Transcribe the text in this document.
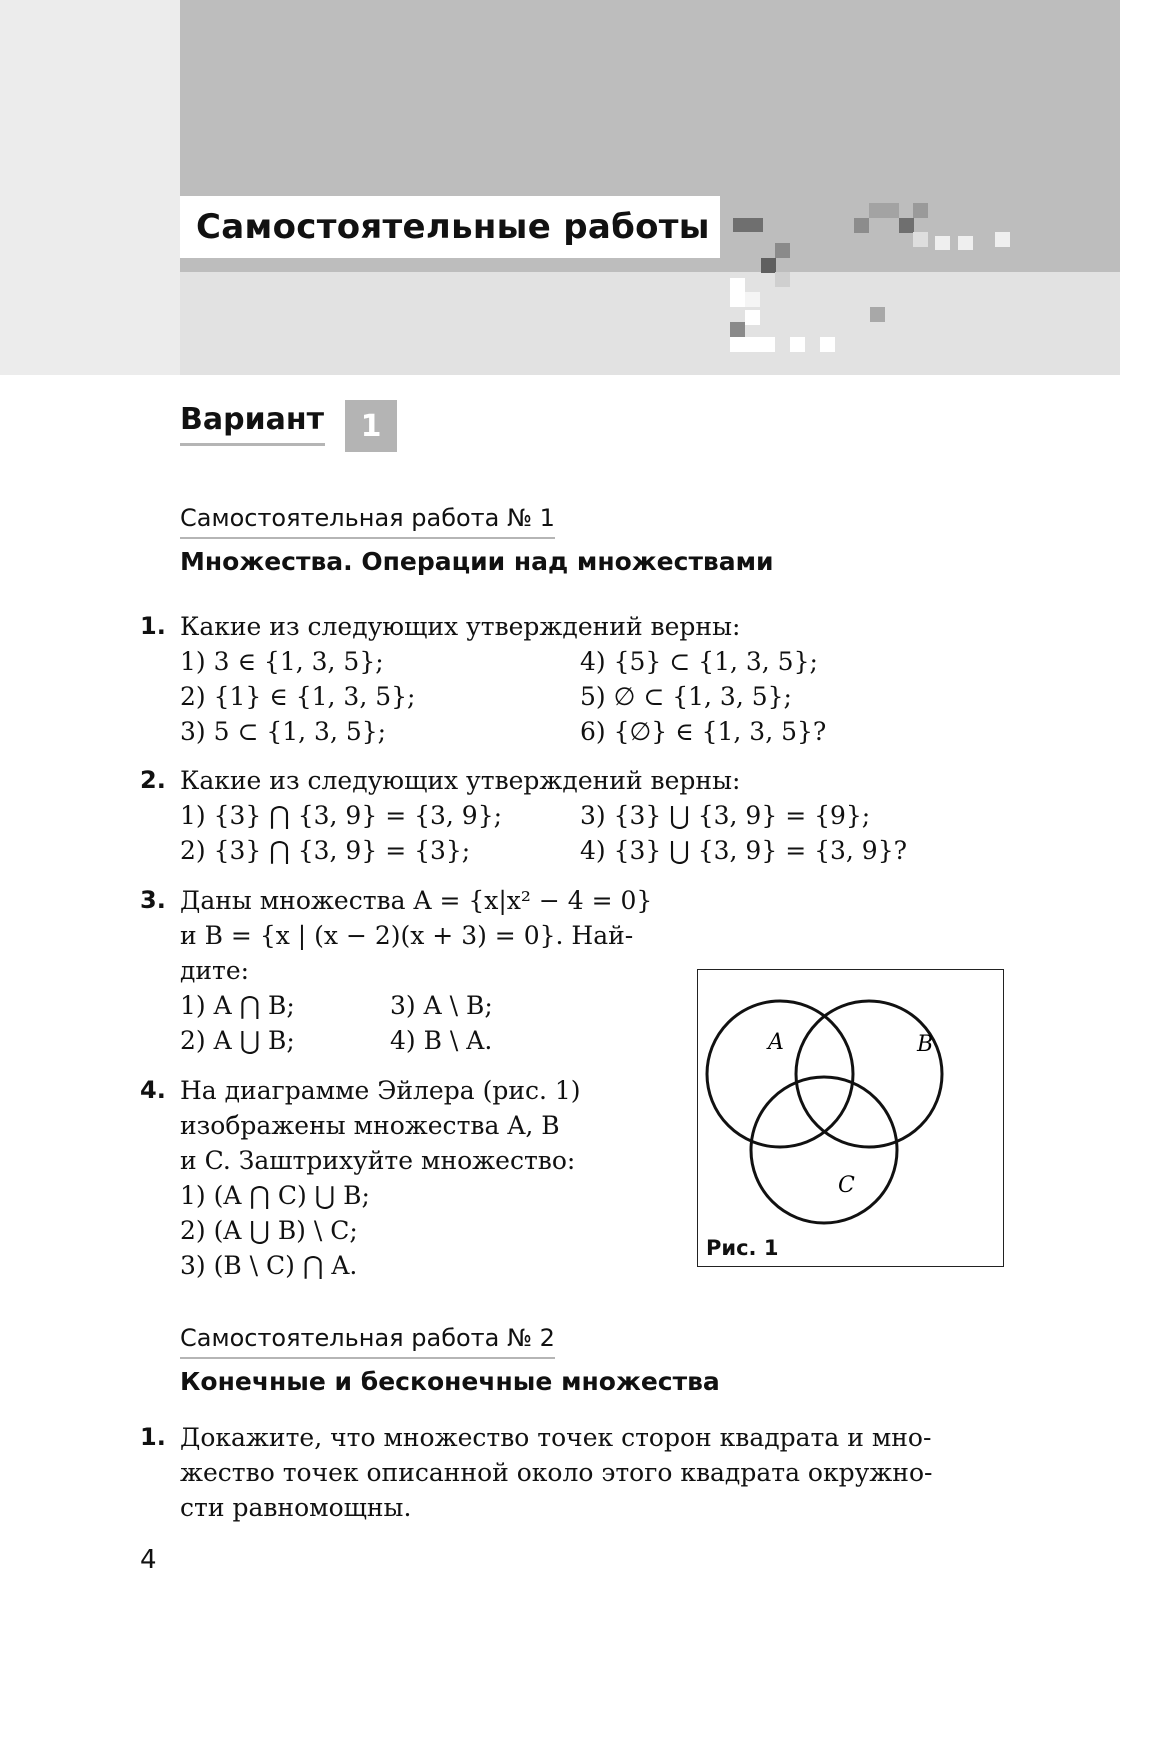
Самостоятельные работы
Вариант	1
Самостоятельная работа № 1
Множества. Операции над множествами
1. Какие из следующих утверждений верны:
1) 3 ∈ {1, 3, 5};	4) {5} ⊂ {1, 3, 5};
2) {1} ∈ {1, 3, 5};	5) ∅ ⊂ {1, 3, 5};
3) 5 ⊂ {1, 3, 5};	6) {∅} ∈ {1, 3, 5}?
2. Какие из следующих утверждений верны:
1) {3} ⋂ {3, 9} = {3, 9};	3) {3} ⋃ {3, 9} = {9};
2) {3} ⋂ {3, 9} = {3};	4) {3} ⋃ {3, 9} = {3, 9}?
3. Даны множества A = {x|x² − 4 = 0}
и B = {x | (x − 2)(x + 3) = 0}. Най-
дите:
1) A ⋂ B;	3) A \ B;
2) A ⋃ B;	4) B \ A.
4. На диаграмме Эйлера (рис. 1)
изображены множества A, B
и C. Заштрихуйте множество:
1) (A ⋂ C) ⋃ B;
2) (A ⋃ B) \ C;
3) (B \ C) ⋂ A.
A	B
C
Рис. 1
Самостоятельная работа № 2
Конечные и бесконечные множества
1. Докажите, что множество точек сторон квадрата и мно-
жество точек описанной около этого квадрата окружно-
сти равномощны.
4
